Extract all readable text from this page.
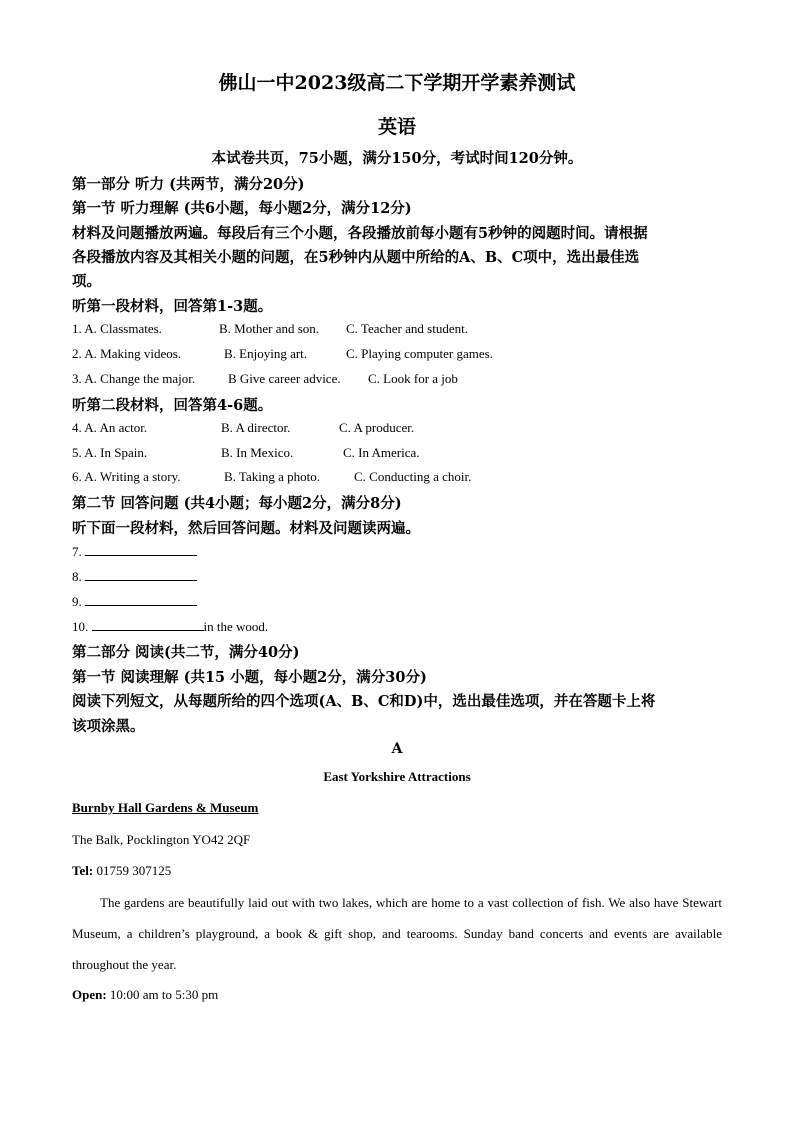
佛山一中2023级高二下学期开学素养测试
英语
本试卷共页，75小题，满分150分，考试时间120分钟。
第一部分 听力 (共两节，满分20分)
第一节 听力理解 (共6小题，每小题2分，满分12分)
材料及问题播放两遍。每段后有三个小题，各段播放前每小题有5秒钟的阅题时间。请根据
各段播放内容及其相关小题的问题，在5秒钟内从题中所给的A、B、C项中，选出最佳选
项。
听第一段材料，回答第1-3题。
1. A. Classmates.	B. Mother and son. C. Teacher and student.
2. A. Making videos.	B. Enjoying art.	C. Playing computer games.
3. A. Change the major.	B Give career advice. C. Look for a job
听第二段材料，回答第4-6题。
4. A. An actor.	B. A director.	C. A producer.
5. A. In Spain.	B. In Mexico.	C. In America.
6. A. Writing a story.	B. Taking a photo.	C. Conducting a choir.
第二节 回答问题 (共4小题；每小题2分，满分8分)
听下面一段材料，然后回答问题。材料及问题读两遍。
7.
8.
9.
10.	in the wood.
第二部分 阅读(共二节，满分40分)
第一节 阅读理解 (共15 小题，每小题2分，满分30分)
阅读下列短文，从每题所给的四个选项(A、B、C和D)中，选出最佳选项，并在答题卡上将
该项涂黑。
A
East Yorkshire Attractions
Burnby Hall Gardens & Museum
The Balk, Pocklington YO42 2QF
Tel: 01759 307125
The gardens are beautifully laid out with two lakes, which are home to a vast collection of fish. We also have Stewart Museum, a children’s playground, a book & gift shop, and tearooms. Sunday band concerts and events are available throughout the year.
Open: 10:00 am to 5:30 pm
